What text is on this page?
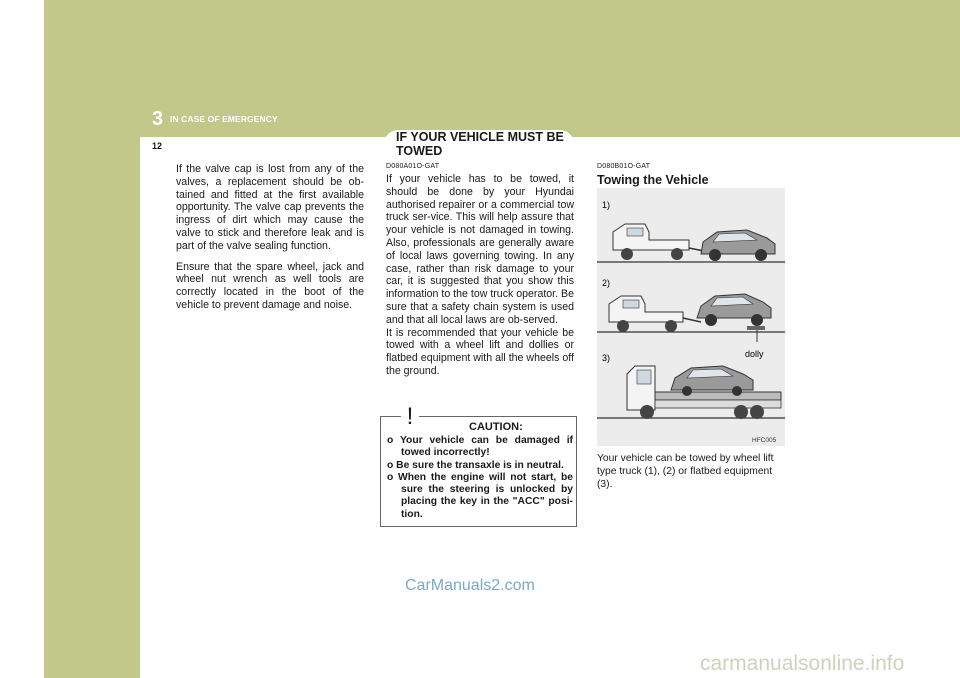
3 IN CASE OF EMERGENCY
12
IF YOUR VEHICLE MUST BE TOWED

If the valve cap is lost from any of the valves, a replacement should be ob-tained and fitted at the first available opportunity. The valve cap prevents the ingress of dirt which may cause the valve to stick and therefore leak and is part of the valve sealing function.

Ensure that the spare wheel, jack and wheel nut wrench as well tools are correctly located in the boot of the vehicle to prevent damage and noise.

D080A01O-GAT

If your vehicle has to be towed, it should be done by your Hyundai authorised repairer or a commercial tow truck ser-vice. This will help assure that your vehicle is not damaged in towing. Also, professionals are generally aware of local laws governing towing. In any case, rather than risk damage to your car, it is suggested that you show this information to the tow truck operator. Be sure that a safety chain system is used and that all local laws are ob-served.

It is recommended that your vehicle be towed with a wheel lift and dollies or flatbed equipment with all the wheels off the ground.

!	CAUTION:
o Your vehicle can be damaged if towed incorrectly!
o Be sure the transaxle is in neutral.
o When the engine will not start, be sure the steering is unlocked by placing the key in the "ACC" posi-tion.
D080B01O-GAT
Towing the Vehicle
1)
2)
3)	dolly
HFC005
Your vehicle can be towed by wheel lift type truck (1), (2) or flatbed equipment (3).
CarManuals2.com
carmanualsonline.info
